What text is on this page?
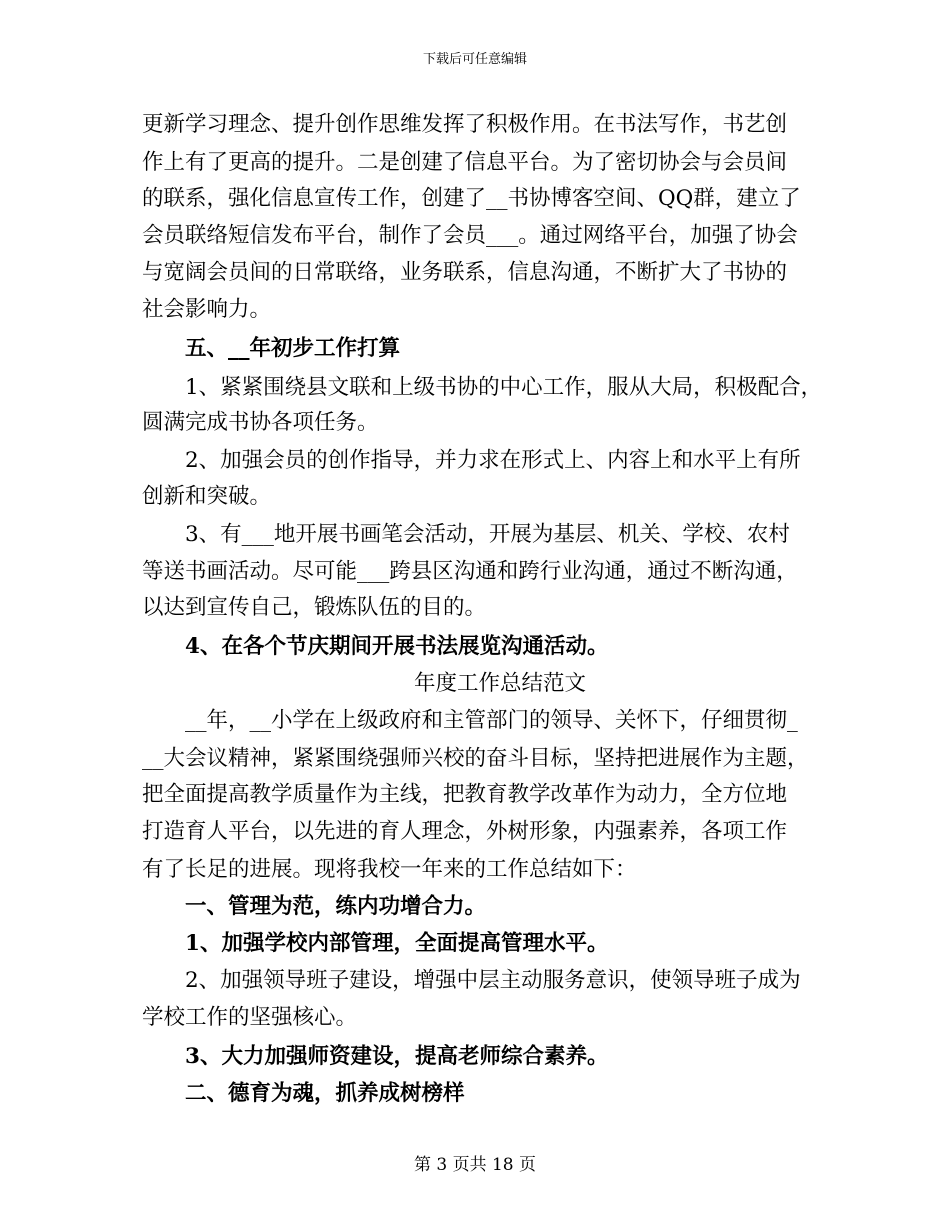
下载后可任意编辑
更新学习理念、提升创作思维发挥了积极作用。在书法写作，书艺创
作上有了更高的提升。二是创建了信息平台。为了密切协会与会员间
的联系，强化信息宣传工作，创建了__书协博客空间、QQ群，建立了
会员联络短信发布平台，制作了会员___。通过网络平台，加强了协会
与宽阔会员间的日常联络，业务联系，信息沟通，不断扩大了书协的
社会影响力。
五、__年初步工作打算
1、紧紧围绕县文联和上级书协的中心工作，服从大局，积极配合，
圆满完成书协各项任务。
2、加强会员的创作指导，并力求在形式上、内容上和水平上有所
创新和突破。
3、有___地开展书画笔会活动，开展为基层、机关、学校、农村
等送书画活动。尽可能___跨县区沟通和跨行业沟通，通过不断沟通，
以达到宣传自己，锻炼队伍的目的。
4、在各个节庆期间开展书法展览沟通活动。
年度工作总结范文
__年，__小学在上级政府和主管部门的领导、关怀下，仔细贯彻_
__大会议精神，紧紧围绕强师兴校的奋斗目标，坚持把进展作为主题，
把全面提高教学质量作为主线，把教育教学改革作为动力，全方位地
打造育人平台，以先进的育人理念，外树形象，内强素养，各项工作
有了长足的进展。现将我校一年来的工作总结如下：
一、管理为范，练内功增合力。
1、加强学校内部管理，全面提高管理水平。
2、加强领导班子建设，增强中层主动服务意识，使领导班子成为
学校工作的坚强核心。
3、大力加强师资建设，提高老师综合素养。
二、德育为魂，抓养成树榜样
第 3 页共 18 页
